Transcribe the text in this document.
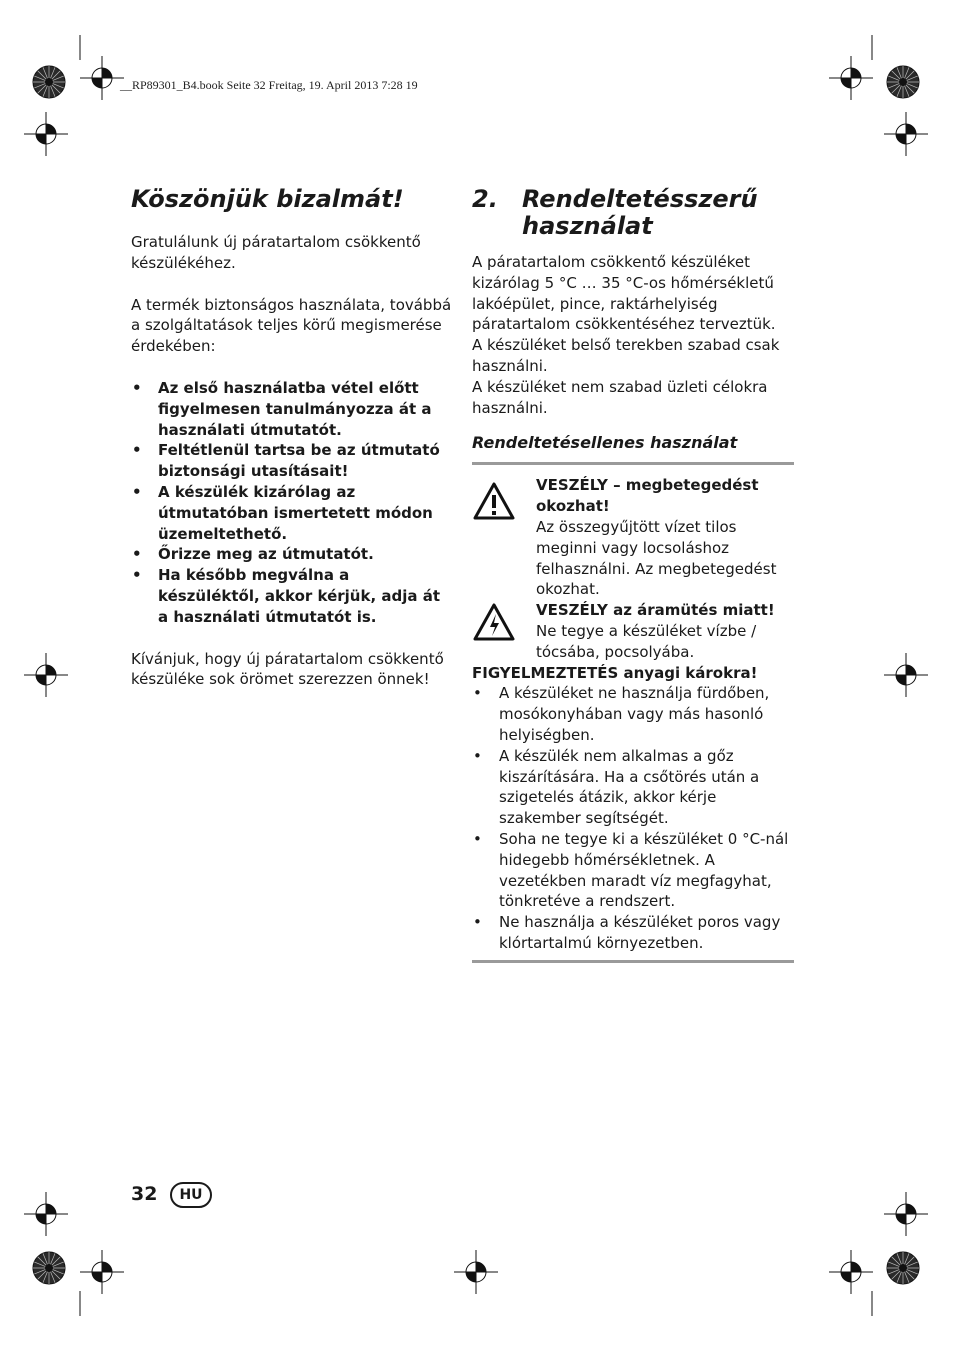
__RP89301_B4.book Seite 32 Freitag, 19. April 2013 7:28 19
Köszönjük bizalmát!

Gratulálunk új páratartalom csökkentő készülékéhez.

A termék biztonságos használata, továbbá a szolgáltatások teljes körű megismerése érdekében:

• Az első használatba vétel előtt figyelmesen tanulmányozza át a használati útmutatót.
• Feltétlenül tartsa be az útmutató biztonsági utasításait!
• A készülék kizárólag az útmutatóban ismertetett módon üzemeltethető.
• Őrizze meg az útmutatót.
• Ha később megválna a készüléktől, akkor kérjük, adja át a használati útmutatót is.

Kívánjuk, hogy új páratartalom csökkentő készüléke sok örömet szerezzen önnek!

2.	Rendeltetésszerű használat

A páratartalom csökkentő készüléket kizárólag 5 °C … 35 °C-os hőmérsékletű lakóépület, pince, raktárhelyiség páratartalom csökkentéséhez terveztük.

A készüléket belső terekben szabad csak használni.

A készüléket nem szabad üzleti célokra használni.

Rendeltetésellenes használat
VESZÉLY – megbetegedést okozhat!
Az összegyűjtött vízet tilos meginni vagy locsoláshoz felhasználni. Az megbetegedést okozhat.
VESZÉLY az áramütés miatt!
Ne tegye a készüléket vízbe / tócsába, pocsolyába.
FIGYELMEZTETÉS anyagi károkra!
• A készüléket ne használja fürdőben, mosókonyhában vagy más hasonló helyiségben.
• A készülék nem alkalmas a gőz kiszárítására. Ha a csőtörés után a szigetelés átázik, akkor kérje szakember segítségét.
• Soha ne tegye ki a készüléket 0 °C-nál hidegebb hőmérsékletnek. A vezetékben maradt víz megfagyhat, tönkretéve a rendszert.
• Ne használja a készüléket poros vagy klórtartalmú környezetben.
32	HU
